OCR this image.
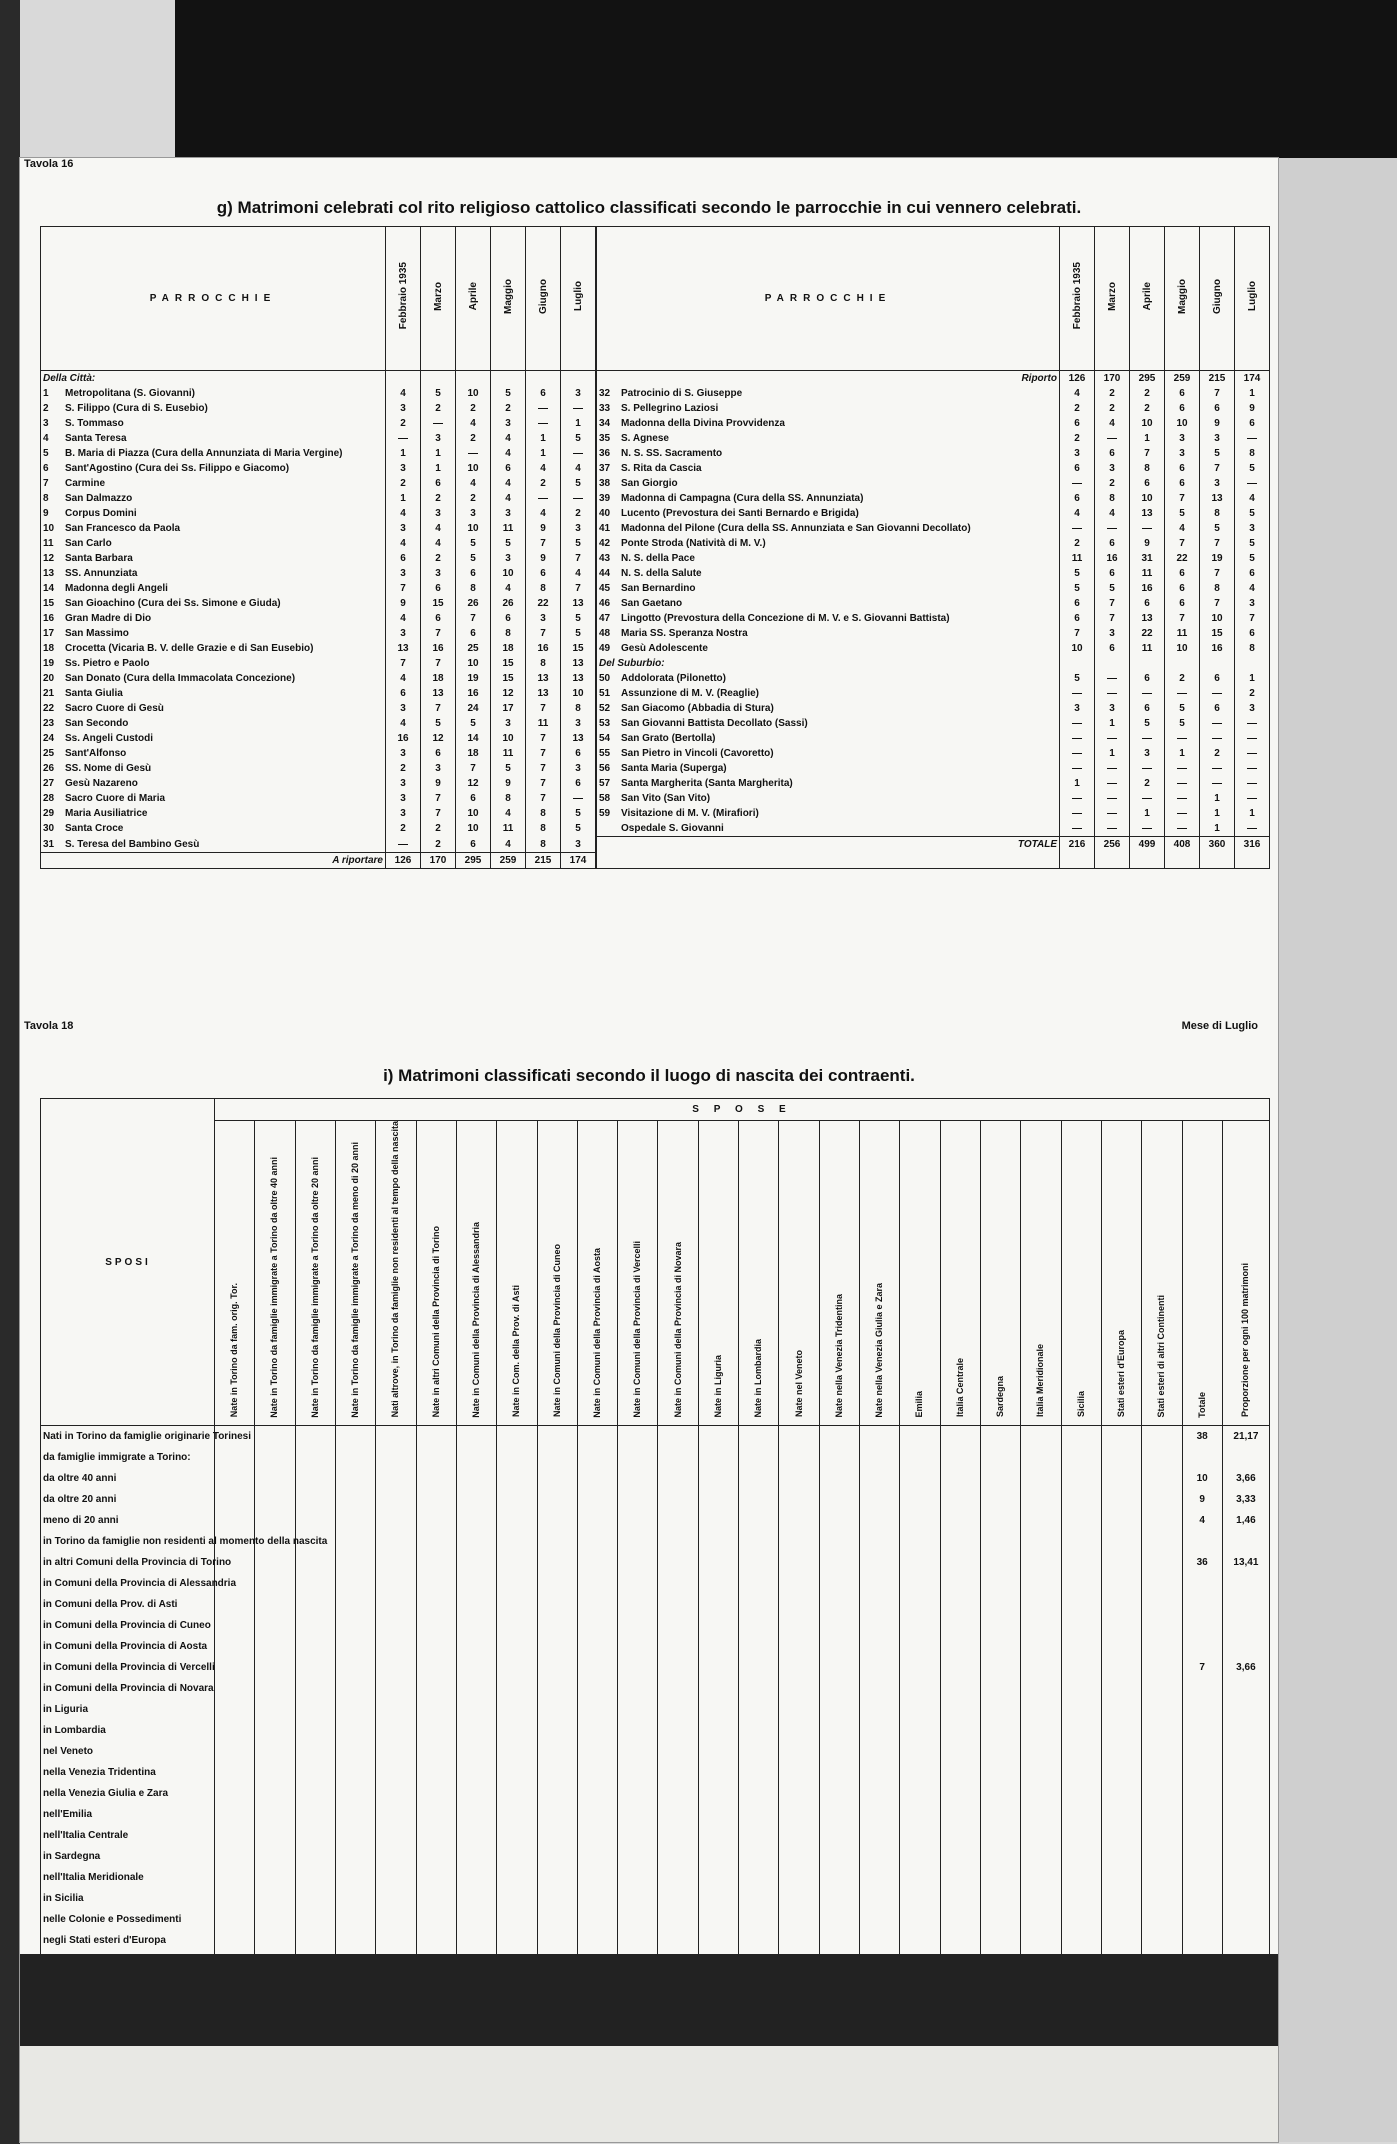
Tavola 16
g) Matrimoni celebrati col rito religioso cattolico classificati secondo le parrocchie in cui vennero celebrati.
PARROCCHIE	Febbraio 1935	Marzo	Aprile	Maggio	Giugno	Luglio	PARROCCHIE	Febbraio 1935	Marzo	Aprile	Maggio	Giugno	Luglio
Della Città:							Riporto	126	170	295	259	215	174
1 Metropolitana (S. Giovanni)	4	5	10	5	6	3	32 Patrocinio di S. Giuseppe	4	2	2	6	7	1
2 S. Filippo (Cura di S. Eusebio)	3	2	2	2	—	—	33 S. Pellegrino Laziosi	2	2	2	6	6	9
3 S. Tommaso	2	—	4	3	—	1	34 Madonna della Divina Provvidenza	6	4	10	10	9	6
4 Santa Teresa	—	3	2	4	1	5	35 S. Agnese	2	—	1	3	3	—
5 B. Maria di Piazza (Cura della Annunziata di Maria Vergine)	1	1	—	4	1	—	36 N. S. SS. Sacramento	3	6	7	3	5	8
6 Sant'Agostino (Cura dei Ss. Filippo e Giacomo)	3	1	10	6	4	4	37 S. Rita da Cascia	6	3	8	6	7	5
7 Carmine	2	6	4	4	2	5	38 San Giorgio	—	2	6	6	3	—
8 San Dalmazzo	1	2	2	4	—	—	39 Madonna di Campagna (Cura della SS. Annunziata)	6	8	10	7	13	4
9 Corpus Domini	4	3	3	3	4	2	40 Lucento (Prevostura dei Santi Bernardo e Brigida)	4	4	13	5	8	5
10 San Francesco da Paola	3	4	10	11	9	3	41 Madonna del Pilone (Cura della SS. Annunziata e San Giovanni Decollato)	—	—	—	4	5	3
11 San Carlo	4	4	5	5	7	5	42 Ponte Stroda (Natività di M. V.)	2	6	9	7	7	5
12 Santa Barbara	6	2	5	3	9	7	43 N. S. della Pace	11	16	31	22	19	5
13 SS. Annunziata	3	3	6	10	6	4	44 N. S. della Salute	5	6	11	6	7	6
14 Madonna degli Angeli	7	6	8	4	8	7	45 San Bernardino	5	5	16	6	8	4
15 San Gioachino (Cura dei Ss. Simone e Giuda)	9	15	26	26	22	13	46 San Gaetano	6	7	6	6	7	3
16 Gran Madre di Dio	4	6	7	6	3	5	47 Lingotto (Prevostura della Concezione di M. V. e S. Giovanni Battista)	6	7	13	7	10	7
17 San Massimo	3	7	6	8	7	5	48 Maria SS. Speranza Nostra	7	3	22	11	15	6
18 Crocetta (Vicaria B. V. delle Grazie e di San Eusebio)	13	16	25	18	16	15	49 Gesù Adolescente	10	6	11	10	16	8
19 Ss. Pietro e Paolo	7	7	10	15	8	13	Del Suburbio:						
20 San Donato (Cura della Immacolata Concezione)	4	18	19	15	13	13	50 Addolorata (Pilonetto)	5	—	6	2	6	1
21 Santa Giulia	6	13	16	12	13	10	51 Assunzione di M. V. (Reaglie)	—	—	—	—	—	2
22 Sacro Cuore di Gesù	3	7	24	17	7	8	52 San Giacomo (Abbadia di Stura)	3	3	6	5	6	3
23 San Secondo	4	5	5	3	11	3	53 San Giovanni Battista Decollato (Sassi)	—	1	5	5	—	—
24 Ss. Angeli Custodi	16	12	14	10	7	13	54 San Grato (Bertolla)	—	—	—	—	—	—
25 Sant'Alfonso	3	6	18	11	7	6	55 San Pietro in Vincoli (Cavoretto)	—	1	3	1	2	—
26 SS. Nome di Gesù	2	3	7	5	7	3	56 Santa Maria (Superga)	—	—	—	—	—	—
27 Gesù Nazareno	3	9	12	9	7	6	57 Santa Margherita (Santa Margherita)	1	—	2	—	—	—
28 Sacro Cuore di Maria	3	7	6	8	7	—	58 San Vito (San Vito)	—	—	—	—	1	—
29 Maria Ausiliatrice	3	7	10	4	8	5	59 Visitazione di M. V. (Mirafiori)	—	—	1	—	1	1
30 Santa Croce	2	2	10	11	8	5	Ospedale S. Giovanni	—	—	—	—	1	—
31 S. Teresa del Bambino Gesù	—	2	6	4	8	3	TOTALE	216	256	499	408	360	316
A riportare	126	170	295	259	215	174							
Tavola 18	Mese di Luglio
i) Matrimoni classificati secondo il luogo di nascita dei contraenti.
SPOSI	S P O S E																									
	Nate in Torino da fam. orig. Tor.	Nate in Torino da famiglie immigrate a Torino da oltre 40 anni	Nate in Torino da famiglie immigrate a Torino da oltre 20 anni	Nate in Torino da famiglie immigrate a Torino da meno di 20 anni	Nati altrove, in Torino da famiglie non residenti al tempo della nascita	Nate in altri Comuni della Provincia di Torino	Nate in Comuni della Provincia di Alessandria	Nate in Com. della Prov. di Asti	Nate in Comuni della Provincia di Cuneo	Nate in Comuni della Provincia di Aosta	Nate in Comuni della Provincia di Vercelli	Nate in Comuni della Provincia di Novara	Nate in Liguria	Nate in Lombardia	Nate nel Veneto	Nate nella Venezia Tridentina	Nate nella Venezia Giulia e Zara	Emilia	Italia Centrale	Sardegna	Italia Meridionale	Sicilia	Stati esteri d'Europa	Stati esteri di altri Continenti	Totale	Proporzione per ogni 100 matrimoni
Nati in Torino da famiglie originarie Torinesi																									38	21,17
da famiglie immigrate a Torino:																										
da oltre 40 anni																									10	3,66
da oltre 20 anni																									9	3,33
meno di 20 anni																									4	1,46
in Torino da famiglie non residenti al momento della nascita																										
in altri Comuni della Provincia di Torino																									36	13,41
in Comuni della Provincia di Alessandria																										
in Comuni della Prov. di Asti																										
in Comuni della Provincia di Cuneo																										
in Comuni della Provincia di Aosta																										
in Comuni della Provincia di Vercelli																									7	3,66
in Comuni della Provincia di Novara																										
in Liguria																										
in Lombardia																										
nel Veneto																										
nella Venezia Tridentina																										
nella Venezia Giulia e Zara																										
nell'Emilia																										
nell'Italia Centrale																										
in Sardegna																										
nell'Italia Meridionale																										
in Sicilia																										
nelle Colonie e Possedimenti																										
negli Stati esteri d'Europa																										
